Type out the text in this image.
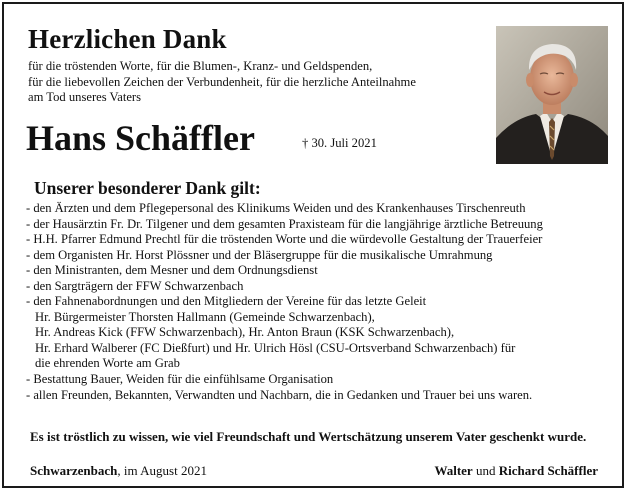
Herzlichen Dank
für die tröstenden Worte, für die Blumen-, Kranz- und Geldspenden,
für die liebevollen Zeichen der Verbundenheit, für die herzliche Anteilnahme
am Tod unseres Vaters
Hans Schäffler	† 30. Juli 2021
Unserer besonderer Dank gilt:
- den Ärzten und dem Pflegepersonal des Klinikums Weiden und des Krankenhauses Tirschenreuth
- der Hausärztin Fr. Dr. Tilgener und dem gesamten Praxisteam für die langjährige ärztliche Betreuung
- H.H. Pfarrer Edmund Prechtl für die tröstenden Worte und die würdevolle Gestaltung der Trauerfeier
- dem Organisten Hr. Horst Plössner und der Bläsergruppe für die musikalische Umrahmung
- den Ministranten, dem Mesner und dem Ordnungsdienst
- den Sargträgern der FFW Schwarzenbach
- den Fahnenabordnungen und den Mitgliedern der Vereine für das letzte Geleit
Hr. Bürgermeister Thorsten Hallmann (Gemeinde Schwarzenbach),
Hr. Andreas Kick (FFW Schwarzenbach), Hr. Anton Braun (KSK Schwarzenbach),
Hr. Erhard Walberer (FC Dießfurt) und Hr. Ulrich Hösl (CSU-Ortsverband Schwarzenbach) für
die ehrenden Worte am Grab
- Bestattung Bauer, Weiden für die einfühlsame Organisation
- allen Freunden, Bekannten, Verwandten und Nachbarn, die in Gedanken und Trauer bei uns waren.
Es ist tröstlich zu wissen, wie viel Freundschaft und Wertschätzung unserem Vater geschenkt wurde.
Schwarzenbach, im August 2021	Walter und Richard Schäffler
